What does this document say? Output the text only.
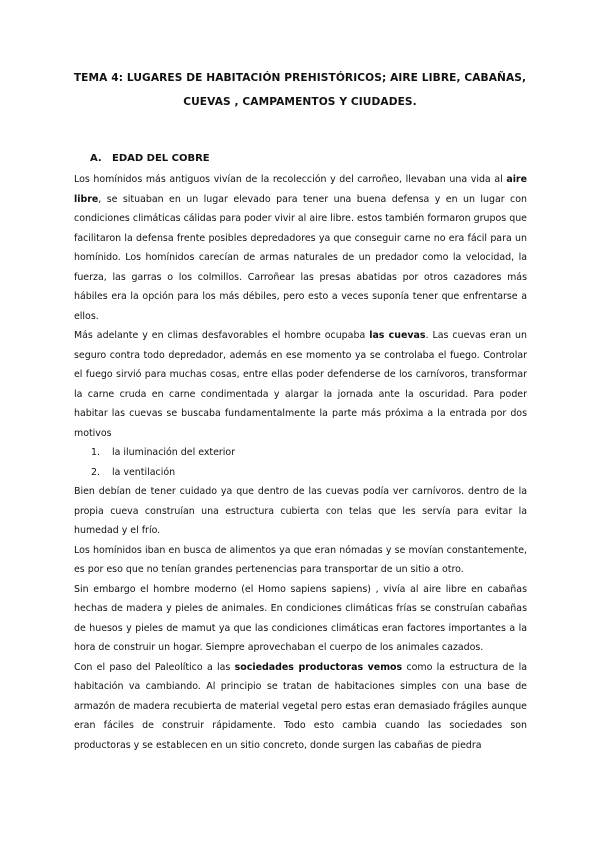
TEMA 4: LUGARES DE HABITACIÓN PREHISTÓRICOS; AIRE LIBRE, CABAÑAS,

CUEVAS , CAMPAMENTOS Y CIUDADES.

A. EDAD DEL COBRE

Los homínidos más antiguos vivían de la recolección y del carroñeo, llevaban una vida al aire libre, se situaban en un lugar elevado para tener una buena defensa y en un lugar con condiciones climáticas cálidas para poder vivir al aire libre. estos también formaron grupos que facilitaron la defensa frente posibles depredadores ya que conseguir carne no era fácil para un homínido. Los homínidos carecían de armas naturales de un predador como la velocidad, la fuerza, las garras o los colmillos. Carroñear las presas abatidas por otros cazadores más hábiles era la opción para los más débiles, pero esto a veces suponía tener que enfrentarse a ellos.

Más adelante y en climas desfavorables el hombre ocupaba las cuevas. Las cuevas eran un seguro contra todo depredador, además en ese momento ya se controlaba el fuego. Controlar el fuego sirvió para muchas cosas, entre ellas poder defenderse de los carnívoros, transformar la carne cruda en carne condimentada y alargar la jornada ante la oscuridad. Para poder habitar las cuevas se buscaba fundamentalmente la parte más próxima a la entrada por dos motivos

1. la iluminación del exterior
2. la ventilación

Bien debían de tener cuidado ya que dentro de las cuevas podía ver carnívoros. dentro de la propia cueva construían una estructura cubierta con telas que les servía para evitar la humedad y el frío.

Los homínidos iban en busca de alimentos ya que eran nómadas y se movían constantemente, es por eso que no tenían grandes pertenencias para transportar de un sitio a otro.

Sin embargo el hombre moderno (el Homo sapiens sapiens) , vivía al aire libre en cabañas hechas de madera y pieles de animales. En condiciones climáticas frías se construían cabañas de huesos y pieles de mamut ya que las condiciones climáticas eran factores importantes a la hora de construir un hogar. Siempre aprovechaban el cuerpo de los animales cazados.

Con el paso del Paleolítico a las sociedades productoras vemos como la estructura de la habitación va cambiando. Al principio se tratan de habitaciones simples con una base de armazón de madera recubierta de material vegetal pero estas eran demasiado frágiles aunque eran fáciles de construir rápidamente. Todo esto cambia cuando las sociedades son productoras y se establecen en un sitio concreto, donde surgen las cabañas de piedra
